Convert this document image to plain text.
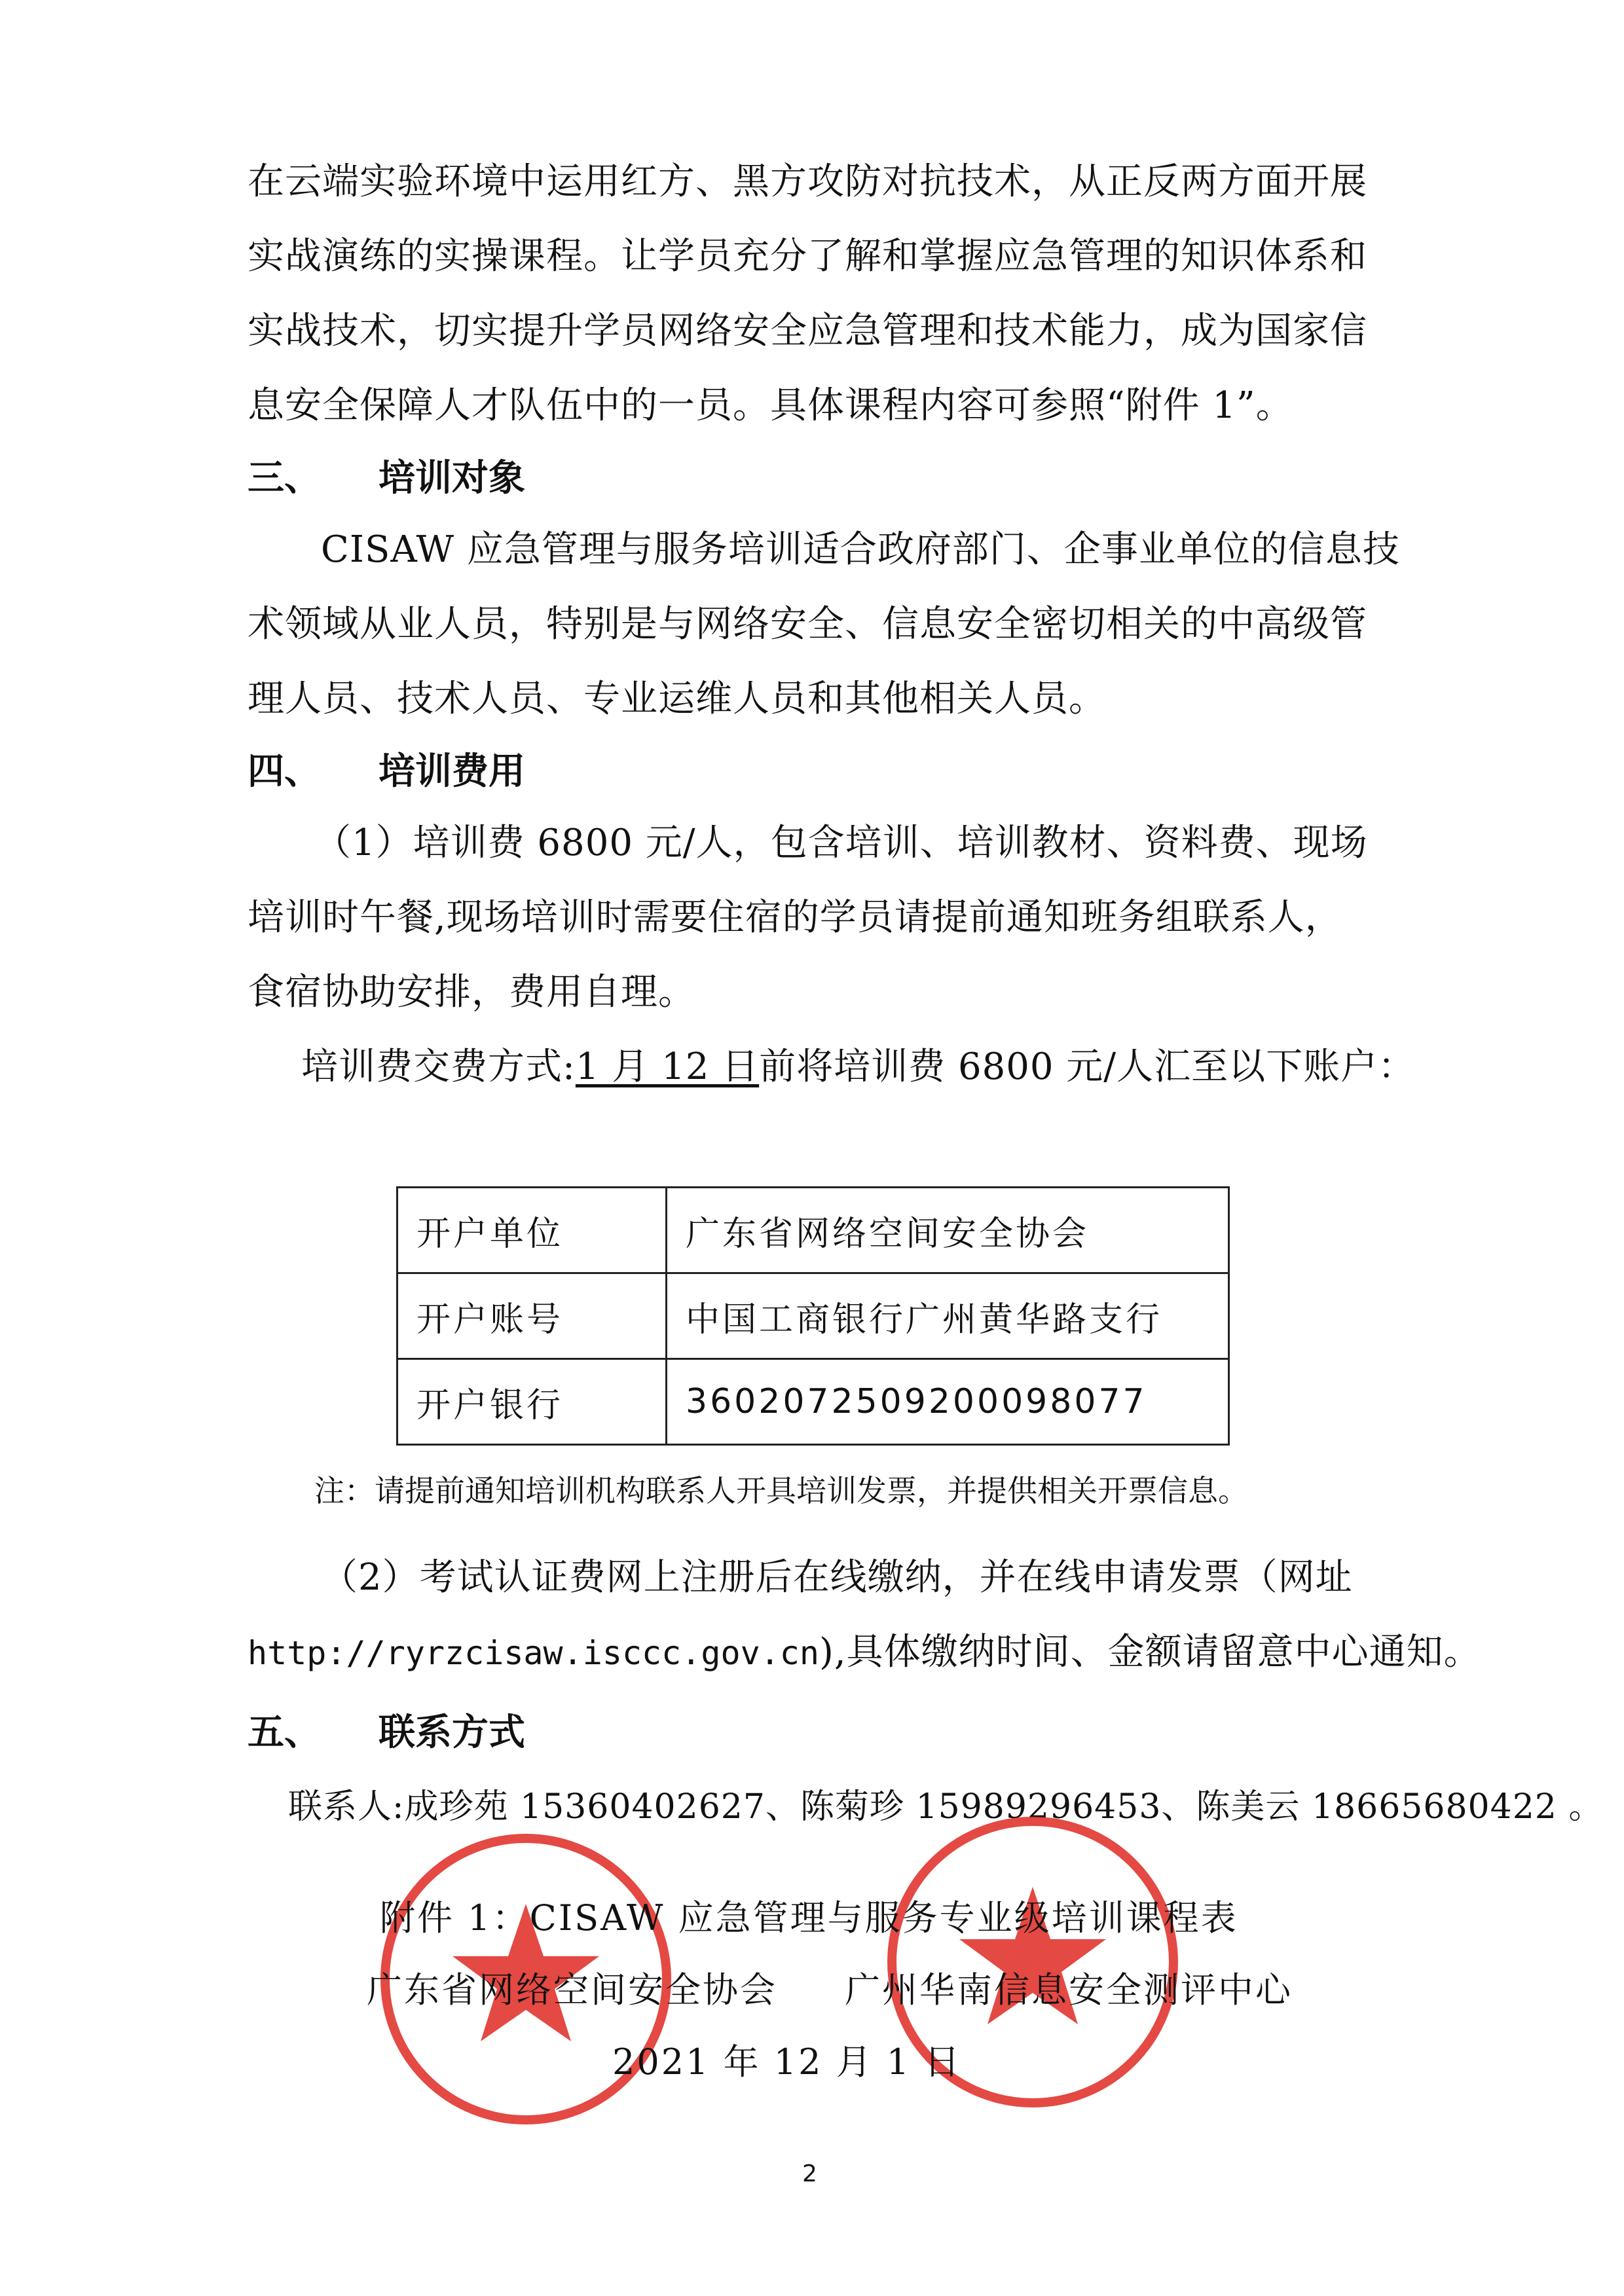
在云端实验环境中运用红方、黑方攻防对抗技术，从正反两方面开展
实战演练的实操课程。让学员充分了解和掌握应急管理的知识体系和
实战技术，切实提升学员网络安全应急管理和技术能力，成为国家信
息安全保障人才队伍中的一员。具体课程内容可参照“附件 1”。
三、 培训对象
CISAW 应急管理与服务培训适合政府部门、企事业单位的信息技
术领域从业人员，特别是与网络安全、信息安全密切相关的中高级管
理人员、技术人员、专业运维人员和其他相关人员。
四、 培训费用
（1）培训费 6800 元/人，包含培训、培训教材、资料费、现场
培训时午餐,现场培训时需要住宿的学员请提前通知班务组联系人，
食宿协助安排，费用自理。
培训费交费方式:1 月 12 日前将培训费 6800 元/人汇至以下账户：
开户单位	广东省网络空间安全协会
开户账号	中国工商银行广州黄华路支行
开户银行	3602072509200098077
注：请提前通知培训机构联系人开具培训发票，并提供相关开票信息。
（2）考试认证费网上注册后在线缴纳，并在线申请发票（网址
http://ryrzcisaw.isccc.gov.cn),具体缴纳时间、金额请留意中心通知。
五、 联系方式
联系人:成珍苑 15360402627、陈菊珍 15989296453、陈美云 18665680422 。
附件 1：CISAW 应急管理与服务专业级培训课程表
广东省网络空间安全协会 广州华南信息安全测评中心
2021 年 12 月 1 日
2
